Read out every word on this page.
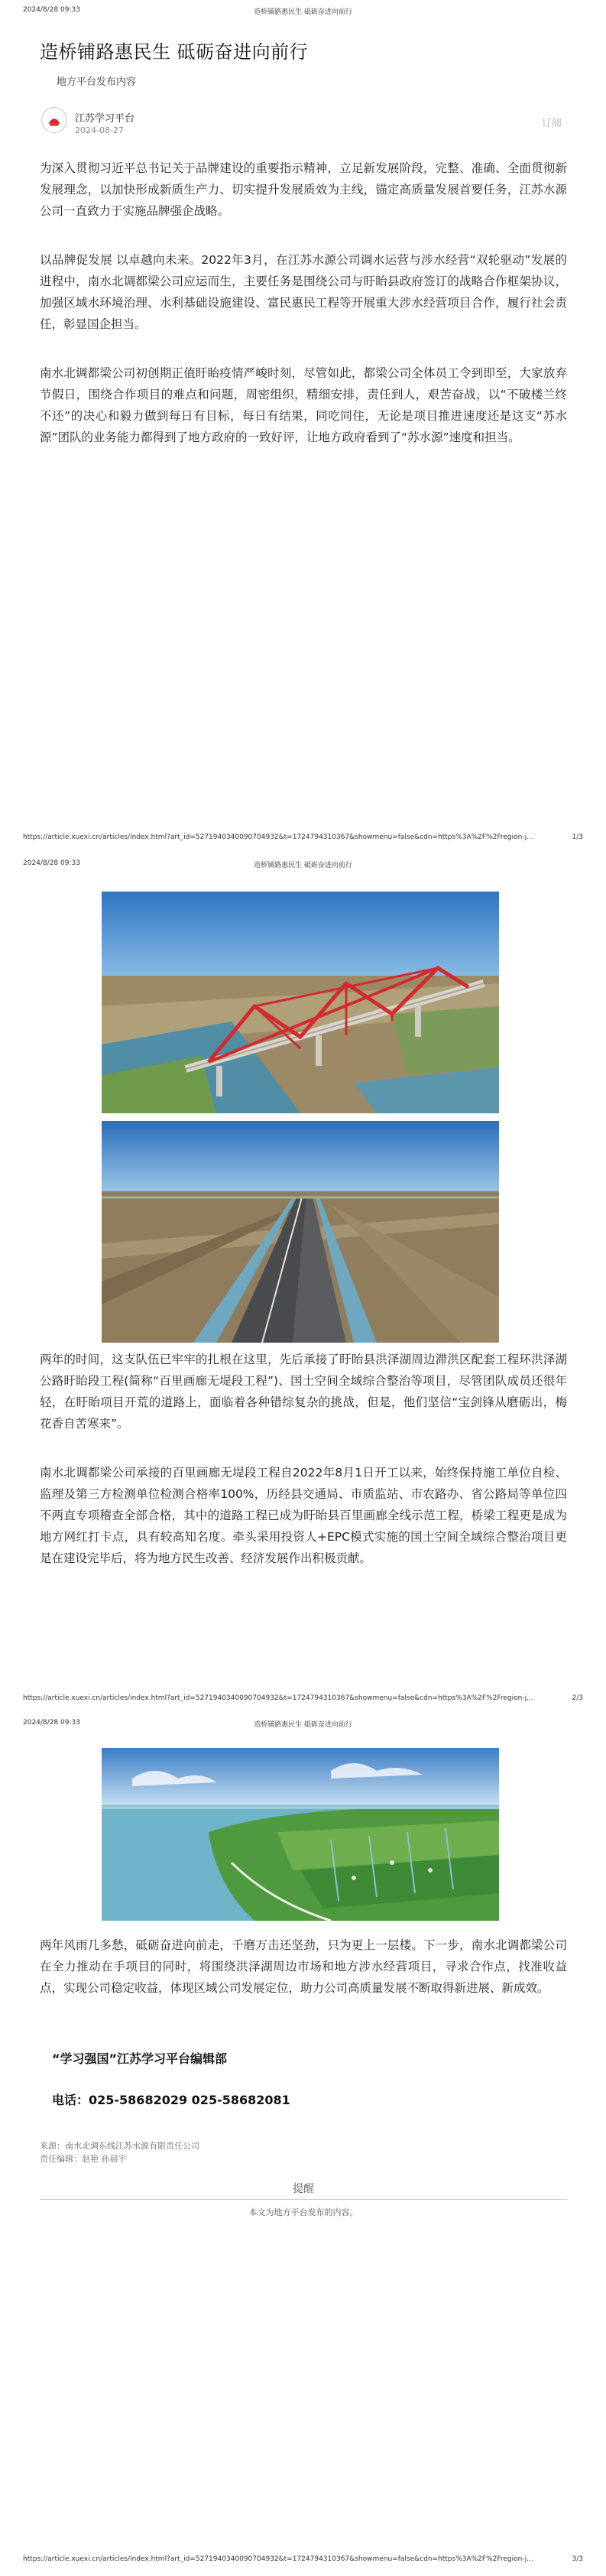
2024/8/28 09:33	造桥铺路惠民生 砥砺奋进向前行
造桥铺路惠民生 砥砺奋进向前行
地方平台发布内容
江苏学习平台
2024-08-27
订阅

为深入贯彻习近平总书记关于品牌建设的重要指示精神，立足新发展阶段，完整、准确、全面贯彻新发展理念，以加快形成新质生产力、切实提升发展质效为主线，锚定高质量发展首要任务，江苏水源公司一直致力于实施品牌强企战略。

以品牌促发展 以卓越向未来。2022年3月，在江苏水源公司调水运营与涉水经营“双轮驱动”发展的进程中，南水北调都梁公司应运而生，主要任务是围绕公司与盱眙县政府签订的战略合作框架协议，加强区域水环境治理、水利基础设施建设、富民惠民工程等开展重大涉水经营项目合作，履行社会责任，彰显国企担当。

南水北调都梁公司初创期正值盱眙疫情严峻时刻，尽管如此，都梁公司全体员工令到即至，大家放弃节假日，围绕合作项目的难点和问题，周密组织，精细安排，责任到人，艰苦奋战，以“不破楼兰终不还”的决心和毅力做到每日有目标，每日有结果，同吃同住，无论是项目推进速度还是这支“苏水源”团队的业务能力都得到了地方政府的一致好评，让地方政府看到了“苏水源”速度和担当。

https://article.xuexi.cn/articles/index.html?art_id=5271940340090704932&t=1724794310367&showmenu=false&cdn=https%3A%2F%2Fregion-j...	1/3
2024/8/28 09:33	造桥铺路惠民生 砥砺奋进向前行

两年的时间，这支队伍已牢牢的扎根在这里，先后承接了盱眙县洪泽湖周边滞洪区配套工程环洪泽湖公路盱眙段工程(简称“百里画廊无堤段工程”)、国土空间全域综合整治等项目，尽管团队成员还很年轻，在盱眙项目开荒的道路上，面临着各种错综复杂的挑战，但是，他们坚信“宝剑锋从磨砺出，梅花香自苦寒来”。

南水北调都梁公司承接的百里画廊无堤段工程自2022年8月1日开工以来，始终保持施工单位自检、监理及第三方检测单位检测合格率100%，历经县交通局、市质监站、市农路办、省公路局等单位四不两直专项稽查全部合格，其中的道路工程已成为盱眙县百里画廊全线示范工程，桥梁工程更是成为地方网红打卡点，具有较高知名度。牵头采用投资人+EPC模式实施的国土空间全域综合整治项目更是在建设完毕后，将为地方民生改善、经济发展作出积极贡献。

https://article.xuexi.cn/articles/index.html?art_id=5271940340090704932&t=1724794310367&showmenu=false&cdn=https%3A%2F%2Fregion-j...	2/3
2024/8/28 09:33	造桥铺路惠民生 砥砺奋进向前行

两年风雨几多愁，砥砺奋进向前走，千磨万击还坚劲，只为更上一层楼。下一步，南水北调都梁公司在全力推动在手项目的同时，将围绕洪泽湖周边市场和地方涉水经营项目，寻求合作点，找准收益点，实现公司稳定收益，体现区域公司发展定位，助力公司高质量发展不断取得新进展、新成效。

“学习强国”江苏学习平台编辑部
电话：025-58682029 025-58682081
来源：南水北调东线江苏水源有限责任公司
责任编辑：赵艳 孙晨宇
提醒
本文为地方平台发布的内容。
https://article.xuexi.cn/articles/index.html?art_id=5271940340090704932&t=1724794310367&showmenu=false&cdn=https%3A%2F%2Fregion-j...	3/3
